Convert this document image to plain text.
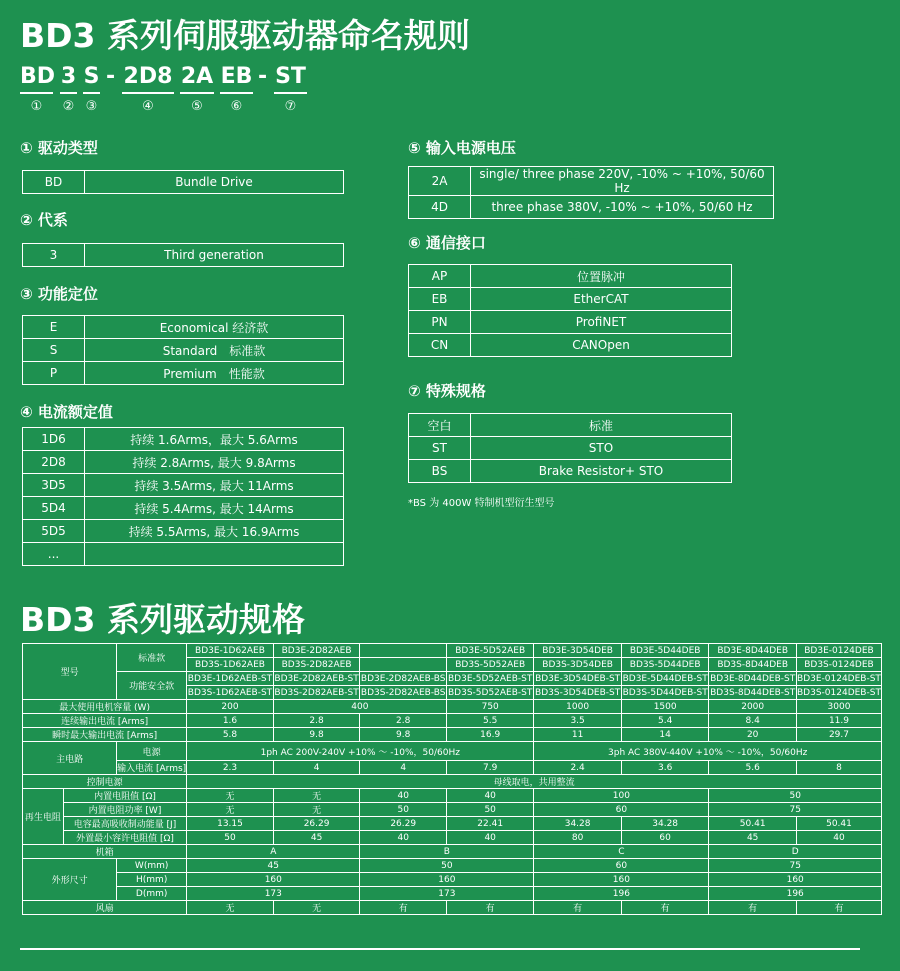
BD3 系列伺服驱动器命名规则
BD
①
3
②
S
③
- 2D8
④
2A
⑤
EB
⑥
- ST
⑦
① 驱动类型
BD	Bundle Drive
② 代系
3	Third generation
③ 功能定位
E	Economical 经济款
S	Standard　标准款
P	Premium　性能款
④ 电流额定值
1D6	持续 1.6Arms，最大 5.6Arms
2D8	持续 2.8Arms, 最大 9.8Arms
3D5	持续 3.5Arms, 最大 11Arms
5D4	持续 5.4Arms, 最大 14Arms
5D5	持续 5.5Arms, 最大 16.9Arms
...	
⑤ 输入电源电压
2A	single/ three phase 220V, -10% ~ +10%, 50/60 Hz
4D	three phase 380V, -10% ~ +10%, 50/60 Hz
⑥ 通信接口
AP	位置脉冲
EB	EtherCAT
PN	ProfiNET
CN	CANOpen
⑦ 特殊规格
空白	标准
ST	STO
BS	Brake Resistor+ STO
*BS 为 400W 特制机型衍生型号
BD3 系列驱动规格
型号		标准款	BD3E-1D62AEB	BD3E-2D82AEB		BD3E-5D52AEB	BD3E-3D54DEB	BD3E-5D44DEB	BD3E-8D44DEB	BD3E-0124DEB
			BD3S-1D62AEB	BD3S-2D82AEB		BD3S-5D52AEB	BD3S-3D54DEB	BD3S-5D44DEB	BD3S-8D44DEB	BD3S-0124DEB
		功能安全款	BD3E-1D62AEB-ST	BD3E-2D82AEB-ST	BD3E-2D82AEB-BS	BD3E-5D52AEB-ST	BD3E-3D54DEB-ST	BD3E-5D44DEB-ST	BD3E-8D44DEB-ST	BD3E-0124DEB-ST
			BD3S-1D62AEB-ST	BD3S-2D82AEB-ST	BD3S-2D82AEB-BS	BD3S-5D52AEB-ST	BD3S-3D54DEB-ST	BD3S-5D44DEB-ST	BD3S-8D44DEB-ST	BD3S-0124DEB-ST
最大使用电机容量 (W)			200	400		750	1000	1500	2000	3000
连续输出电流 [Arms]			1.6	2.8	2.8	5.5	3.5	5.4	8.4	11.9
瞬时最大输出电流 [Arms]			5.8	9.8	9.8	16.9	11	14	20	29.7
主电路		电源	1ph AC 200V-240V +10% ～ -10%，50/60Hz				3ph AC 380V-440V +10% ～ -10%，50/60Hz			
		输入电流 [Arms]	2.3	4	4	7.9	2.4	3.6	5.6	8
控制电源			母线取电，共用整流							
再生电阻	内置电阻值 [Ω]		无	无	40	40	100		50	
	内置电阻功率 [W]		无	无	50	50	60		75	
	电容最高吸收制动能量 [J]		13.15	26.29	26.29	22.41	34.28	34.28	50.41	50.41
	外置最小容许电阻值 [Ω]		50	45	40	40	80	60	45	40
机箱			A		B		C		D	
外形尺寸		W(mm)	45		50		60		75	
		H(mm)	160		160		160		160	
		D(mm)	173		173		196		196	
风扇			无	无	有	有	有	有	有	有
